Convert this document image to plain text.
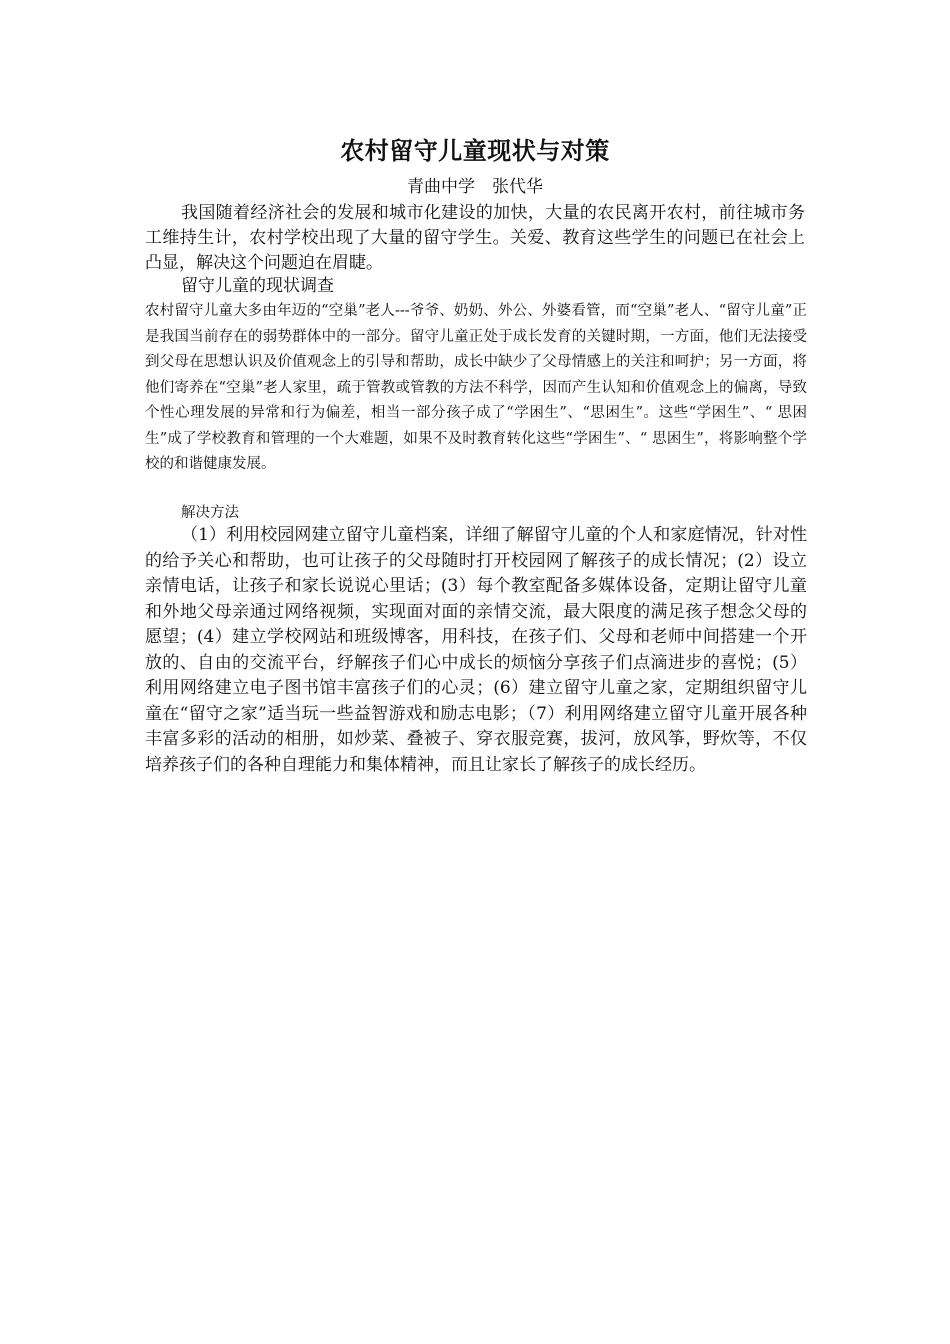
农村留守儿童现状与对策
青曲中学　张代华

我国随着经济社会的发展和城市化建设的加快，大量的农民离开农村，前往城市务工维持生计，农村学校出现了大量的留守学生。关爱、教育这些学生的问题已在社会上凸显，解决这个问题迫在眉睫。

留守儿童的现状调查

农村留守儿童大多由年迈的“空巢”老人---爷爷、奶奶、外公、外婆看管，而“空巢”老人、“留守儿童”正是我国当前存在的弱势群体中的一部分。留守儿童正处于成长发育的关键时期，一方面，他们无法接受到父母在思想认识及价值观念上的引导和帮助，成长中缺少了父母情感上的关注和呵护；另一方面，将他们寄养在“空巢”老人家里，疏于管教或管教的方法不科学，因而产生认知和价值观念上的偏离，导致个性心理发展的异常和行为偏差，相当一部分孩子成了“学困生”、“思困生”。这些“学困生”、“ 思困生”成了学校教育和管理的一个大难题，如果不及时教育转化这些“学困生”、“ 思困生”，将影响整个学校的和谐健康发展。

解决方法

（1）利用校园网建立留守儿童档案，详细了解留守儿童的个人和家庭情况，针对性的给予关心和帮助，也可让孩子的父母随时打开校园网了解孩子的成长情况；(2）设立亲情电话，让孩子和家长说说心里话；(3）每个教室配备多媒体设备，定期让留守儿童和外地父母亲通过网络视频，实现面对面的亲情交流，最大限度的满足孩子想念父母的愿望；(4）建立学校网站和班级博客，用科技，在孩子们、父母和老师中间搭建一个开放的、自由的交流平台，纾解孩子们心中成长的烦恼分享孩子们点滴进步的喜悦；(5）利用网络建立电子图书馆丰富孩子们的心灵；(6）建立留守儿童之家，定期组织留守儿童在“留守之家”适当玩一些益智游戏和励志电影；（7）利用网络建立留守儿童开展各种丰富多彩的活动的相册，如炒菜、叠被子、穿衣服竞赛，拔河，放风筝，野炊等，不仅培养孩子们的各种自理能力和集体精神，而且让家长了解孩子的成长经历。
